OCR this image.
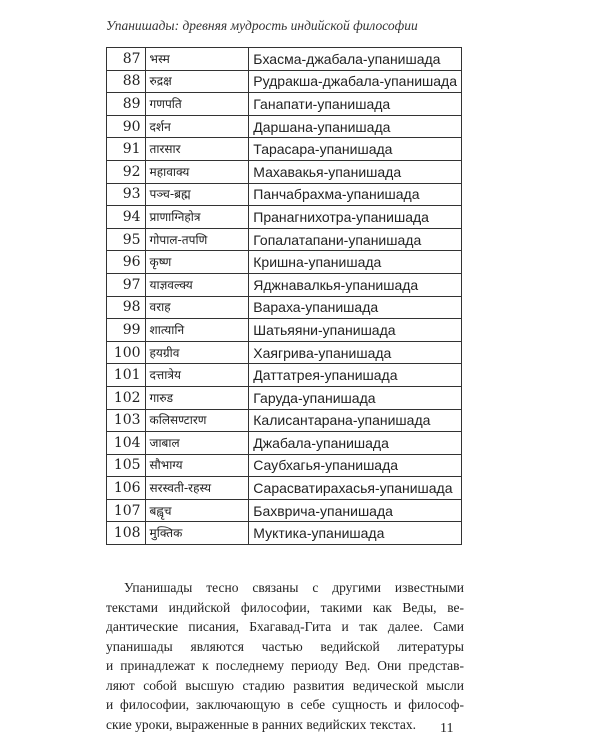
Упанишады: древняя мудрость индийской философии
87	भस्म	Бхасма-джабала-упанишада
88	रुद्रक्ष	Рудракша-джабала-упанишада
89	गणपति	Ганапати-упанишада
90	दर्शन	Даршана-упанишада
91	तारसार	Тарасара-упанишада
92	महावाक्य	Махавакья-упанишада
93	पञ्च-ब्रह्म	Панчабрахма-упанишада
94	प्राणाग्निहोत्र	Пранагнихотра-упанишада
95	गोपाल-तपणि	Гопалатапани-упанишада
96	कृष्ण	Кришна-упанишада
97	याज्ञवल्क्य	Яджнавалкья-упанишада
98	वराह	Вараха-упанишада
99	शात्यानि	Шатьяяни-упанишада
100	हयग्रीव	Хаягрива-упанишада
101	दत्तात्रेय	Даттатрея-упанишада
102	गारुड	Гаруда-упанишада
103	कलिसण्टारण	Калисантарана-упанишада
104	जाबाल	Джабала-упанишада
105	सौभाग्य	Саубхагья-упанишада
106	सरस्वती-रहस्य	Сарасватирахасья-упанишада
107	बह्वृच	Бахврича-упанишада
108	मुक्तिक	Муктика-упанишада
Упанишады тесно связаны с другими известными
текстами индийской философии, такими как Веды, ве-
дантические писания, Бхагавад-Гита и так далее. Сами
упанишады являются частью ведийской литературы
и принадлежат к последнему периоду Вед. Они представ-
ляют собой высшую стадию развития ведической мысли
и философии, заключающую в себе сущность и философ-
ские уроки, выраженные в ранних ведийских текстах.	11
